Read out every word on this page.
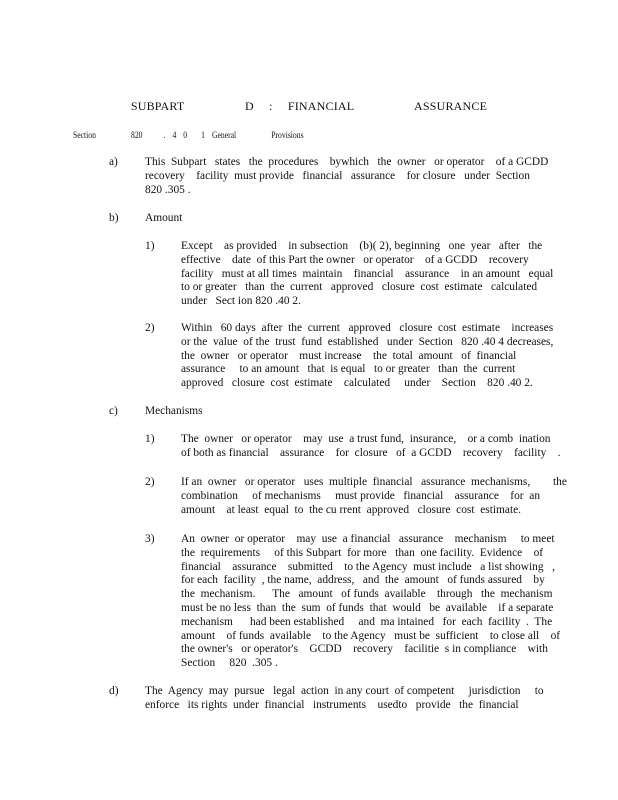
SUBPART    D : FINANCIAL    ASSURANCE
Section     820   . 4 0  1 General     Provisions
a) This  Subpart   states   the  procedures    bywhich   the  owner   or operator    of a GCDD
recovery    facility  must provide   financial   assurance    for closure   under  Section
820 .305 .
b) Amount
1) Except    as provided    in subsection    (b)( 2), beginning   one  year   after   the
effective    date  of this Part the owner   or operator    of a GCDD    recovery
facility   must at all times  maintain    financial    assurance    in an amount   equal
to or greater   than  the  current   approved   closure  cost  estimate   calculated
under   Sect ion 820 .40 2.
2) Within   60 days  after  the  current   approved   closure  cost  estimate    increases
or the  value  of the  trust  fund  established   under  Section   820 .40 4 decreases,
the  owner   or operator    must increase    the  total  amount   of  financial
assurance     to an amount   that  is equal   to or greater   than  the  current
approved   closure  cost  estimate    calculated     under    Section    820 .40 2.
c) Mechanisms
1) The  owner   or operator    may  use  a trust fund,  insurance,    or a comb  ination
of both as financial    assurance    for  closure   of  a GCDD    recovery    facility    .
2) If an  owner   or operator   uses  multiple  financial   assurance  mechanisms,        the
combination     of mechanisms     must provide   financial    assurance    for  an
amount    at least  equal  to  the cu rrent  approved   closure  cost  estimate.
3) An  owner  or operator    may  use  a financial   assurance    mechanism     to meet
the  requirements     of this Subpart  for more   than  one facility.  Evidence    of
financial    assurance    submitted    to the Agency  must include   a list showing   ,
for each  facility  , the name,  address,   and  the  amount   of funds assured    by
the  mechanism.      The   amount   of funds  available    through   the  mechanism
must be no less  than  the  sum  of funds  that  would   be  available    if a separate
mechanism      had been established     and  ma intained   for  each  facility  .  The
amount    of funds  available    to the Agency   must be  sufficient    to close all    of
the owner's   or operator's    GCDD    recovery    facilitie  s in compliance    with
Section     820  .305 .
d) The  Agency  may  pursue   legal  action  in any court  of competent     jurisdiction     to
enforce   its rights  under  financial   instruments    usedto   provide   the  financial
